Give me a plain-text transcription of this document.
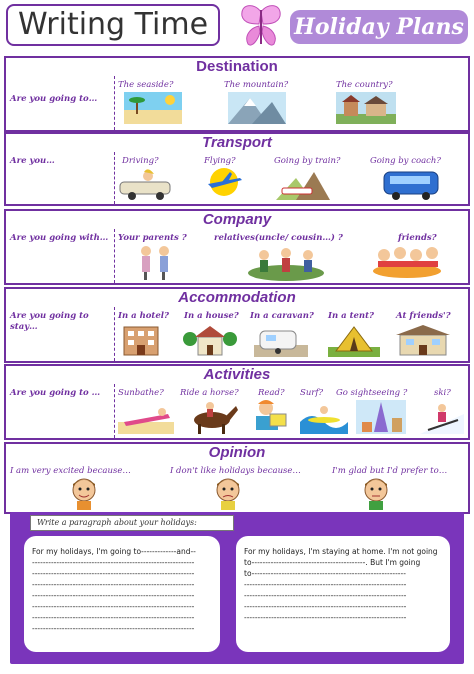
Writing Time	Holiday Plans
Destination
Are you going to…
The seaside?	The mountain?	The country?
Transport
Are you…	Driving?	Flying?	Going by train?	Going by coach?
Company
Are you going with… Your parents ?	relatives(uncle/ cousin…) ?	friends?
Accommodation
Are you going to stay…
In a hotel? In a house? In a caravan? In a tent?	At friends'?
Activities
Are you going to …	Sunbathe? Ride a horse? Read? Surf? Go sightseeing ?	ski?
Opinion
I am very excited because…	I don't like holidays because…	I'm glad but I'd prefer to…
Write a paragraph about your holidays:
For my holidays, I'm going to-------------and--
------------------------------------------------------------
------------------------------------------------------------
------------------------------------------------------------
------------------------------------------------------------
------------------------------------------------------------
------------------------------------------------------------
------------------------------------------------------------
For my holidays, I'm staying at home. I'm not going
to------------------------------------------. But I'm going
to---------------------------------------------------------
------------------------------------------------------------
------------------------------------------------------------
------------------------------------------------------------
------------------------------------------------------------
